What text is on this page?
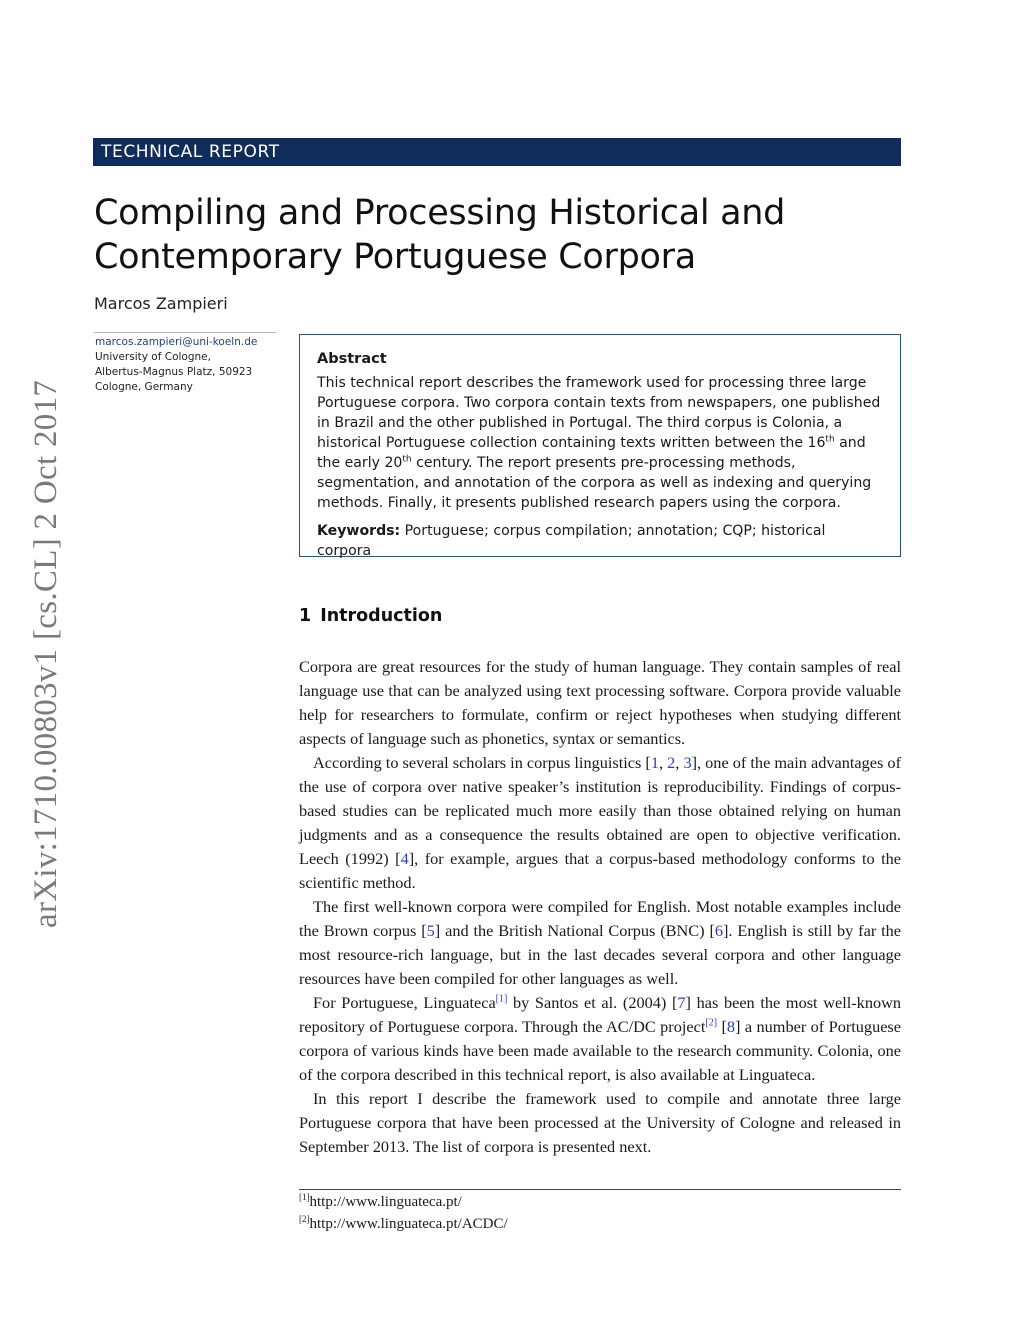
arXiv:1710.00803v1 [cs.CL] 2 Oct 2017
TECHNICAL REPORT
Compiling and Processing Historical and
Contemporary Portuguese Corpora
Marcos Zampieri
marcos.zampieri@uni-koeln.de
University of Cologne,
Albertus-Magnus Platz, 50923
Cologne, Germany
Abstract

This technical report describes the framework used for processing three large Portuguese corpora. Two corpora contain texts from newspapers, one published in Brazil and the other published in Portugal. The third corpus is Colonia, a historical Portuguese collection containing texts written between the 16th and the early 20th century. The report presents pre-processing methods, segmentation, and annotation of the corpora as well as indexing and querying methods. Finally, it presents published research papers using the corpora.

Keywords: Portuguese; corpus compilation; annotation; CQP; historical corpora
1 Introduction

Corpora are great resources for the study of human language. They contain samples of real language use that can be analyzed using text processing software. Corpora provide valuable help for researchers to formulate, confirm or reject hypotheses when studying different aspects of language such as phonetics, syntax or semantics.

According to several scholars in corpus linguistics [1, 2, 3], one of the main advantages of the use of corpora over native speaker’s institution is reproducibility. Findings of corpus-based studies can be replicated much more easily than those obtained relying on human judgments and as a consequence the results obtained are open to objective verification. Leech (1992) [4], for example, argues that a corpus-based methodology conforms to the scientific method.

The first well-known corpora were compiled for English. Most notable examples include the Brown corpus [5] and the British National Corpus (BNC) [6]. English is still by far the most resource-rich language, but in the last decades several corpora and other language resources have been compiled for other languages as well.

For Portuguese, Linguateca[1] by Santos et al. (2004) [7] has been the most well-known repository of Portuguese corpora. Through the AC/DC project[2] [8] a number of Portuguese corpora of various kinds have been made available to the research community. Colonia, one of the corpora described in this technical report, is also available at Linguateca.

In this report I describe the framework used to compile and annotate three large Portuguese corpora that have been processed at the University of Cologne and released in September 2013. The list of corpora is presented next.

[1]http://www.linguateca.pt/
[2]http://www.linguateca.pt/ACDC/
